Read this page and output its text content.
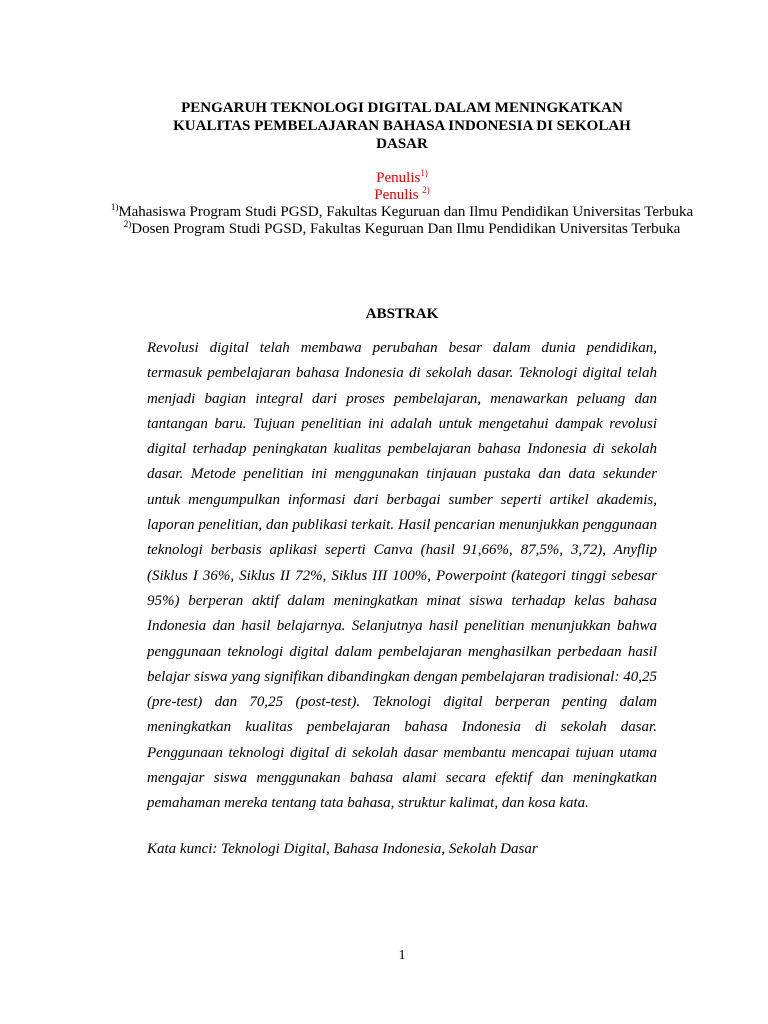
PENGARUH TEKNOLOGI DIGITAL DALAM MENINGKATKAN KUALITAS PEMBELAJARAN BAHASA INDONESIA DI SEKOLAH DASAR
Penulis$^{1)}$
Penulis $^{2)}$
$^{1)}$Mahasiswa Program Studi PGSD, Fakultas Keguruan dan Ilmu Pendidikan Universitas Terbuka
$^{2)}$Dosen Program Studi PGSD, Fakultas Keguruan Dan Ilmu Pendidikan Universitas Terbuka
ABSTRAK

Revolusi digital telah membawa perubahan besar dalam dunia pendidikan, termasuk pembelajaran bahasa Indonesia di sekolah dasar. Teknologi digital telah menjadi bagian integral dari proses pembelajaran, menawarkan peluang dan tantangan baru. Tujuan penelitian ini adalah untuk mengetahui dampak revolusi digital terhadap peningkatan kualitas pembelajaran bahasa Indonesia di sekolah dasar. Metode penelitian ini menggunakan tinjauan pustaka dan data sekunder untuk mengumpulkan informasi dari berbagai sumber seperti artikel akademis, laporan penelitian, dan publikasi terkait. Hasil pencarian menunjukkan penggunaan teknologi berbasis aplikasi seperti Canva (hasil 91,66%, 87,5%, 3,72), Anyflip (Siklus I 36%, Siklus II 72%, Siklus III 100%, Powerpoint (kategori tinggi sebesar 95%) berperan aktif dalam meningkatkan minat siswa terhadap kelas bahasa Indonesia dan hasil belajarnya. Selanjutnya hasil penelitian menunjukkan bahwa penggunaan teknologi digital dalam pembelajaran menghasilkan perbedaan hasil belajar siswa yang signifikan dibandingkan dengan pembelajaran tradisional: 40,25 (pre-test) dan 70,25 (post-test). Teknologi digital berperan penting dalam meningkatkan kualitas pembelajaran bahasa Indonesia di sekolah dasar. Penggunaan teknologi digital di sekolah dasar membantu mencapai tujuan utama mengajar siswa menggunakan bahasa alami secara efektif dan meningkatkan pemahaman mereka tentang tata bahasa, struktur kalimat, dan kosa kata.

Kata kunci: Teknologi Digital, Bahasa Indonesia, Sekolah Dasar

1
